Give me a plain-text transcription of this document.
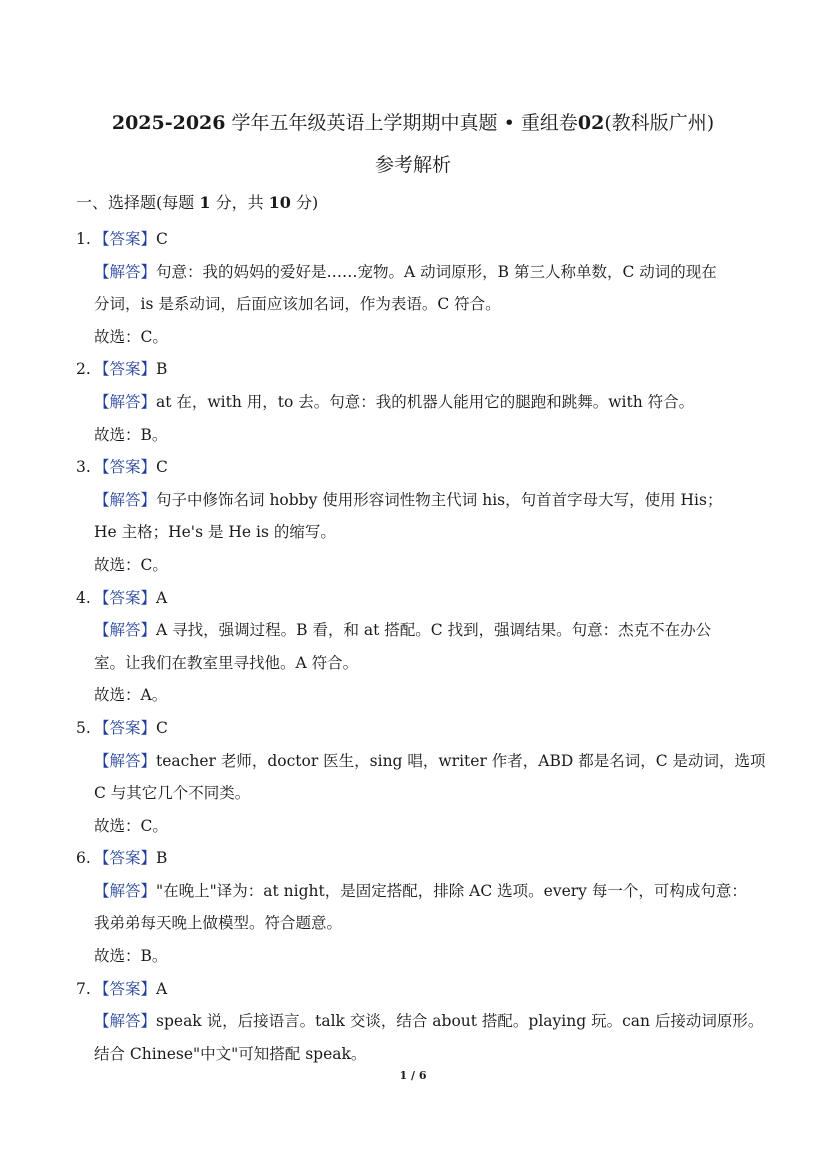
2025-2026 学年五年级英语上学期期中真题 • 重组卷02(教科版广州)
参考解析
一、选择题(每题 1 分，共 10 分)
1. 【答案】C
【解答】句意：我的妈妈的爱好是……宠物。A 动词原形，B 第三人称单数，C 动词的现在
分词，is 是系动词，后面应该加名词，作为表语。C 符合。
故选：C。
2. 【答案】B
【解答】at 在，with 用，to 去。句意：我的机器人能用它的腿跑和跳舞。with 符合。
故选：B。
3. 【答案】C
【解答】句子中修饰名词 hobby 使用形容词性物主代词 his，句首首字母大写，使用 His；
He 主格；He's 是 He is 的缩写。
故选：C。
4. 【答案】A
【解答】A 寻找，强调过程。B 看，和 at 搭配。C 找到，强调结果。句意：杰克不在办公
室。让我们在教室里寻找他。A 符合。
故选：A。
5. 【答案】C
【解答】teacher 老师，doctor 医生，sing 唱，writer 作者，ABD 都是名词，C 是动词，选项
C 与其它几个不同类。
故选：C。
6. 【答案】B
【解答】"在晚上"译为：at night，是固定搭配，排除 AC 选项。every 每一个，可构成句意：
我弟弟每天晚上做模型。符合题意。
故选：B。
7. 【答案】A
【解答】speak 说，后接语言。talk 交谈，结合 about 搭配。playing 玩。can 后接动词原形。
结合 Chinese"中文"可知搭配 speak。
1 / 6
